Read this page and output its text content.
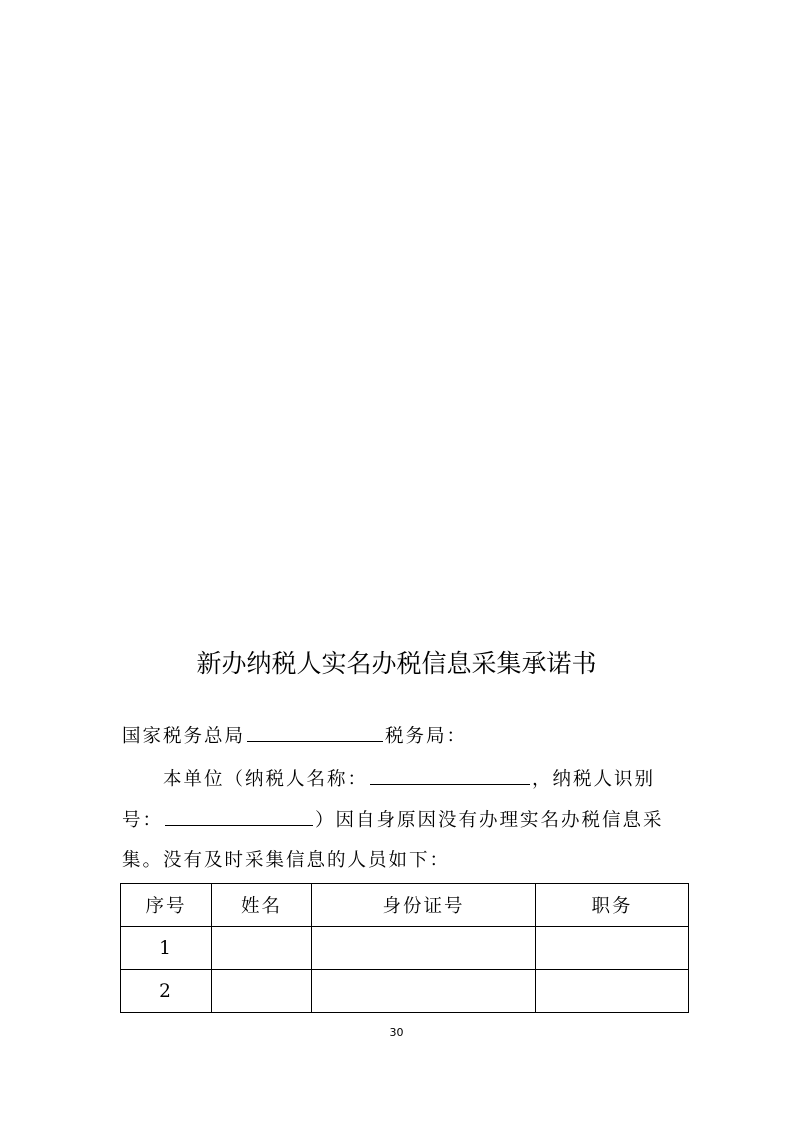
新办纳税人实名办税信息采集承诺书
国家税务总局	税务局：
本单位（纳税人名称：	，纳税人识别
号：	）因自身原因没有办理实名办税信息采
集。没有及时采集信息的人员如下：
序号	姓名	身份证号	职务
1			
2			
30
